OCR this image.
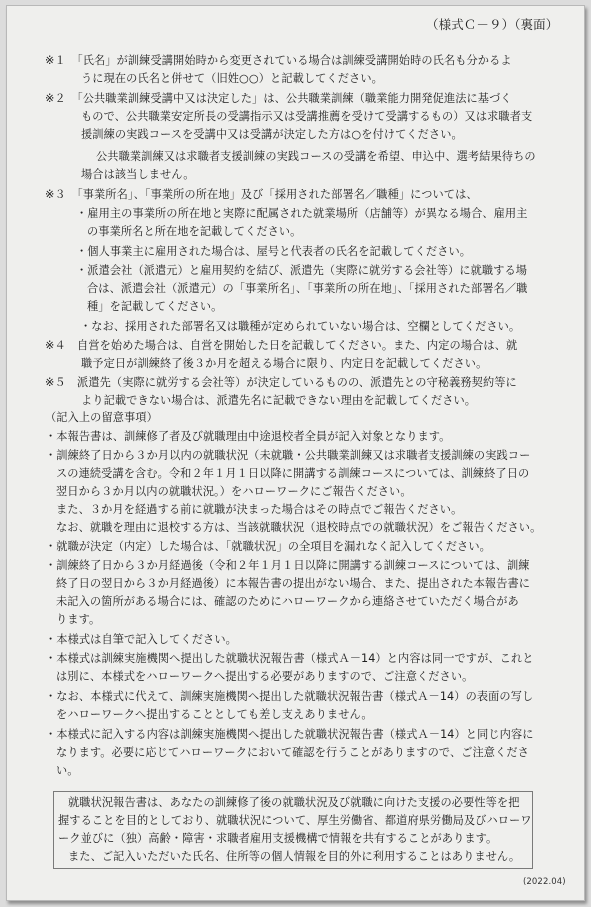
（様式Ｃ－９）（裏面）
※１　「氏名」が訓練受講開始時から変更されている場合は訓練受講開始時の氏名も分かるよ
うに現在の氏名と併せて（旧姓○○）と記載してください。
※２　「公共職業訓練受講中又は決定した」は、公共職業訓練（職業能力開発促進法に基づく
もので、公共職業安定所長の受講指示又は受講推薦を受けて受講するもの）又は求職者支
援訓練の実践コースを受講中又は受講が決定した方は○を付けてください。
公共職業訓練又は求職者支援訓練の実践コースの受講を希望、申込中、選考結果待ちの
場合は該当しません。
※３　「事業所名」、「事業所の所在地」及び「採用された部署名／職種」については、
・雇用主の事業所の所在地と実際に配属された就業場所（店舗等）が異なる場合、雇用主
の事業所名と所在地を記載してください。
・個人事業主に雇用された場合は、屋号と代表者の氏名を記載してください。
・派遣会社（派遣元）と雇用契約を結び、派遣先（実際に就労する会社等）に就職する場
合は、派遣会社（派遣元）の「事業所名」、「事業所の所在地」、「採用された部署名／職
種」を記載してください。
・なお、採用された部署名又は職種が定められていない場合は、空欄としてください。
※４　自営を始めた場合は、自営を開始した日を記載してください。また、内定の場合は、就
職予定日が訓練終了後３か月を超える場合に限り、内定日を記載してください。
※５　派遣先（実際に就労する会社等）が決定しているものの、派遣先との守秘義務契約等に
より記載できない場合は、派遣先名に記載できない理由を記載してください。
（記入上の留意事項）
・本報告書は、訓練修了者及び就職理由中途退校者全員が記入対象となります。
・訓練終了日から３か月以内の就職状況（未就職・公共職業訓練又は求職者支援訓練の実践コー
スの連続受講を含む。令和２年１月１日以降に開講する訓練コースについては、訓練終了日の
翌日から３か月以内の就職状況。）をハローワークにご報告ください。
また、３か月を経過する前に就職が決まった場合はその時点でご報告ください。
なお、就職を理由に退校する方は、当該就職状況（退校時点での就職状況）をご報告ください。
・就職が決定（内定）した場合は、「就職状況」の全項目を漏れなく記入してください。
・訓練終了日から３か月経過後（令和２年１月１日以降に開講する訓練コースについては、訓練
終了日の翌日から３か月経過後）に本報告書の提出がない場合、また、提出された本報告書に
未記入の箇所がある場合には、確認のためにハローワークから連絡させていただく場合があ
ります。
・本様式は自筆で記入してください。
・本様式は訓練実施機関へ提出した就職状況報告書（様式Ａ－14）と内容は同一ですが、これと
は別に、本様式をハローワークへ提出する必要がありますので、ご注意ください。
・なお、本様式に代えて、訓練実施機関へ提出した就職状況報告書（様式Ａ－14）の表面の写し
をハローワークへ提出することとしても差し支えありません。
・本様式に記入する内容は訓練実施機関へ提出した就職状況報告書（様式Ａ－14）と同じ内容に
なります。必要に応じてハローワークにおいて確認を行うことがありますので、ご注意くださ
い。
就職状況報告書は、あなたの訓練修了後の就職状況及び就職に向けた支援の必要性等を把
握することを目的としており、就職状況について、厚生労働省、都道府県労働局及びハローワ
ーク並びに（独）高齢・障害・求職者雇用支援機構で情報を共有することがあります。
また、ご記入いただいた氏名、住所等の個人情報を目的外に利用することはありません。
(2022.04)
